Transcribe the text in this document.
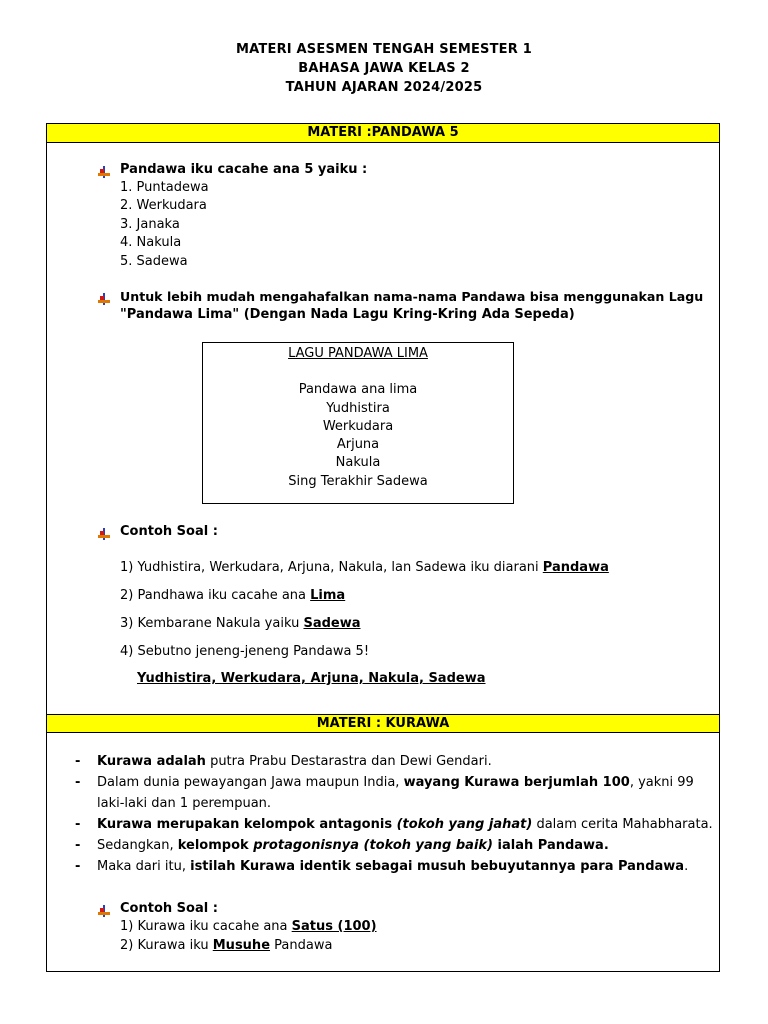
MATERI ASESMEN TENGAH SEMESTER 1
BAHASA JAWA KELAS 2
TAHUN AJARAN 2024/2025
MATERI :PANDAWA 5
Pandawa iku cacahe ana 5 yaiku :
1. Puntadewa
2. Werkudara
3. Janaka
4. Nakula
5. Sadewa
Untuk lebih mudah mengahafalkan nama-nama Pandawa bisa menggunakan Lagu
"Pandawa Lima" (Dengan Nada Lagu Kring-Kring Ada Sepeda)
LAGU PANDAWA LIMA
Pandawa ana lima
Yudhistira
Werkudara
Arjuna
Nakula
Sing Terakhir Sadewa
Contoh Soal :
1) Yudhistira, Werkudara, Arjuna, Nakula, lan Sadewa iku diarani Pandawa
2) Pandhawa iku cacahe ana Lima
3) Kembarane Nakula yaiku Sadewa
4) Sebutno jeneng-jeneng Pandawa 5!
Yudhistira, Werkudara, Arjuna, Nakula, Sadewa
MATERI : KURAWA
- Kurawa adalah putra Prabu Destarastra dan Dewi Gendari.
- Dalam dunia pewayangan Jawa maupun India, wayang Kurawa berjumlah 100, yakni 99
laki-laki dan 1 perempuan.
- Kurawa merupakan kelompok antagonis (tokoh yang jahat) dalam cerita Mahabharata.
- Sedangkan, kelompok protagonisnya (tokoh yang baik) ialah Pandawa.
- Maka dari itu, istilah Kurawa identik sebagai musuh bebuyutannya para Pandawa.
Contoh Soal :
1) Kurawa iku cacahe ana Satus (100)
2) Kurawa iku Musuhe Pandawa
